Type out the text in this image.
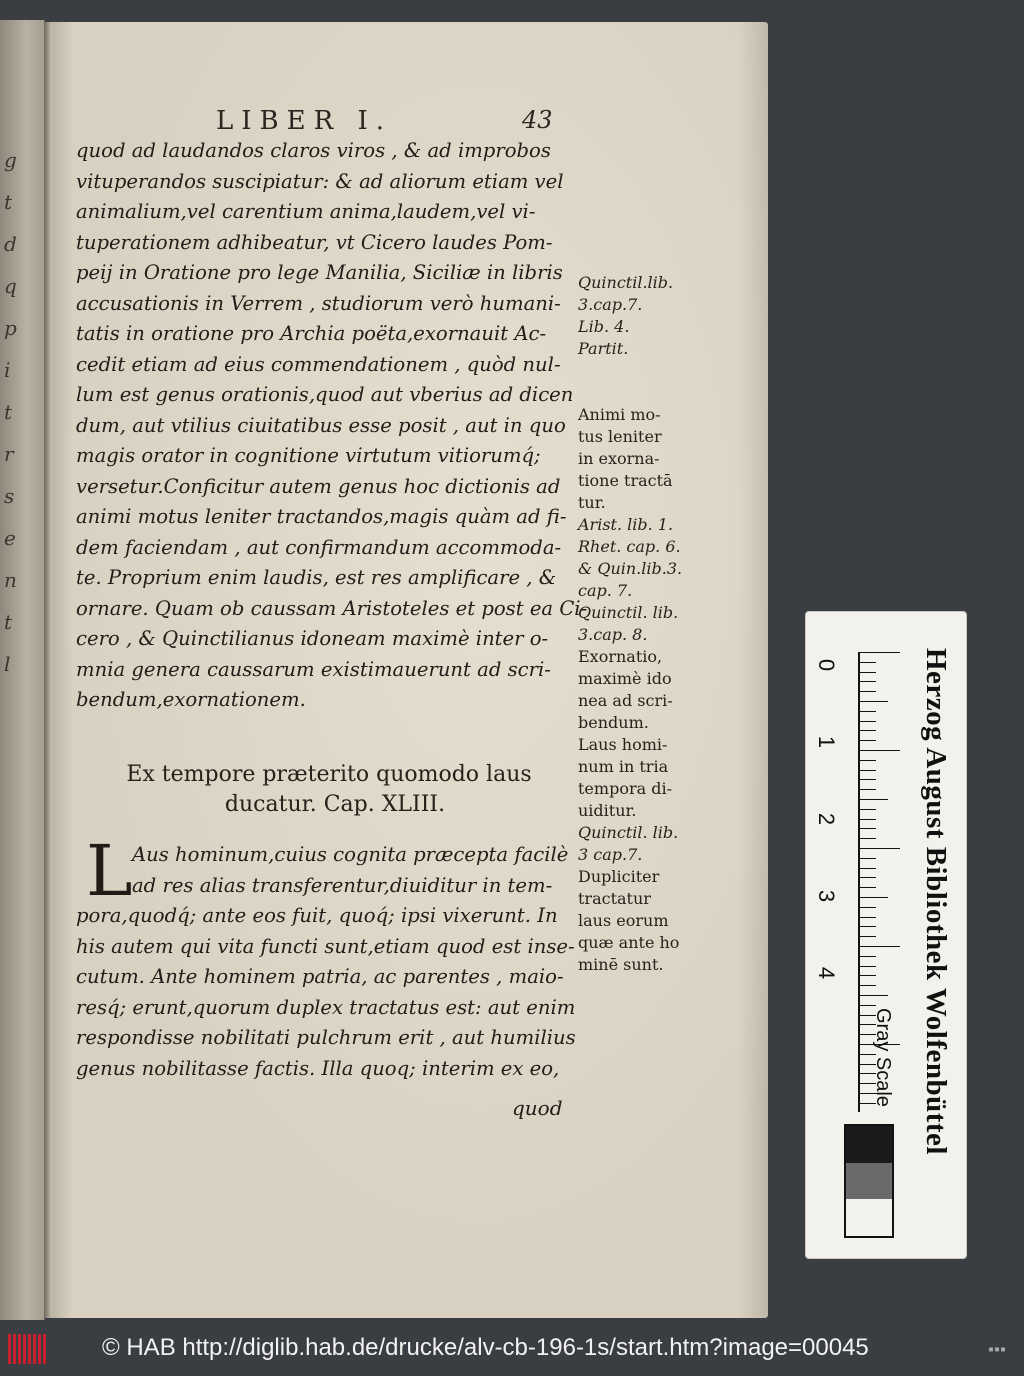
g
t
d
q
p
i
t
r
s
e
n
t
l
LIBER I.	43
quod ad laudandos claros viros , & ad improbos
vituperandos suscipiatur: & ad aliorum etiam vel
animalium,vel carentium anima,laudem,vel vi-
tuperationem adhibeatur, vt Cicero laudes Pom-
peij in Oratione pro lege Manilia, Siciliæ in libris
accusationis in Verrem , studiorum verò humani-
tatis in oratione pro Archia poëta,exornauit Ac-
cedit etiam ad eius commendationem , quòd nul-
lum est genus orationis,quod aut vberius ad dicen
dum, aut vtilius ciuitatibus esse posit , aut in quo
magis orator in cognitione virtutum vitiorumq́;
versetur.Conficitur autem genus hoc dictionis ad
animi motus leniter tractandos,magis quàm ad fi-
dem faciendam , aut confirmandum accommoda-
te. Proprium enim laudis, est res amplificare , &
ornare. Quam ob caussam Aristoteles et post ea Ci-
cero , & Quinctilianus idoneam maximè inter o-
mnia genera caussarum existimauerunt ad scri-
bendum,exornationem.
Ex tempore præterito quomodo laus
ducatur. Cap. XLIII.
L Aus hominum,cuius cognita præcepta facilè
ad res alias transferentur,diuiditur in tem-
pora,quodq́; ante eos fuit, quoq́; ipsi vixerunt. In
his autem qui vita functi sunt,etiam quod est inse-
cutum. Ante hominem patria, ac parentes , maio-
resq́; erunt,quorum duplex tractatus est: aut enim
respondisse nobilitati pulchrum erit , aut humilius
genus nobilitasse factis. Illa quoq; interim ex eo,
quod
Quinctil.lib.
3.cap.7.
Lib. 4.
Partit.
Animi mo-
tus leniter
in exorna-
tione tractā
tur.
Arist. lib. 1.
Rhet. cap. 6.
& Quin.lib.3.
cap. 7.
Quinctil. lib.
3.cap. 8.
Exornatio,
maximè ido
nea ad scri-
bendum.
Laus homi-
num in tria
tempora di-
uiditur.
Quinctil. lib.
3 cap.7.
Dupliciter
tractatur
laus eorum
quæ ante ho
minē sunt.
0
1
2
3
4	Herzog August Bibliothek Wolfenbüttel
Gray Scale
© HAB http://diglib.hab.de/drucke/alv-cb-196-1s/start.htm?image=00045	▪▪▪
